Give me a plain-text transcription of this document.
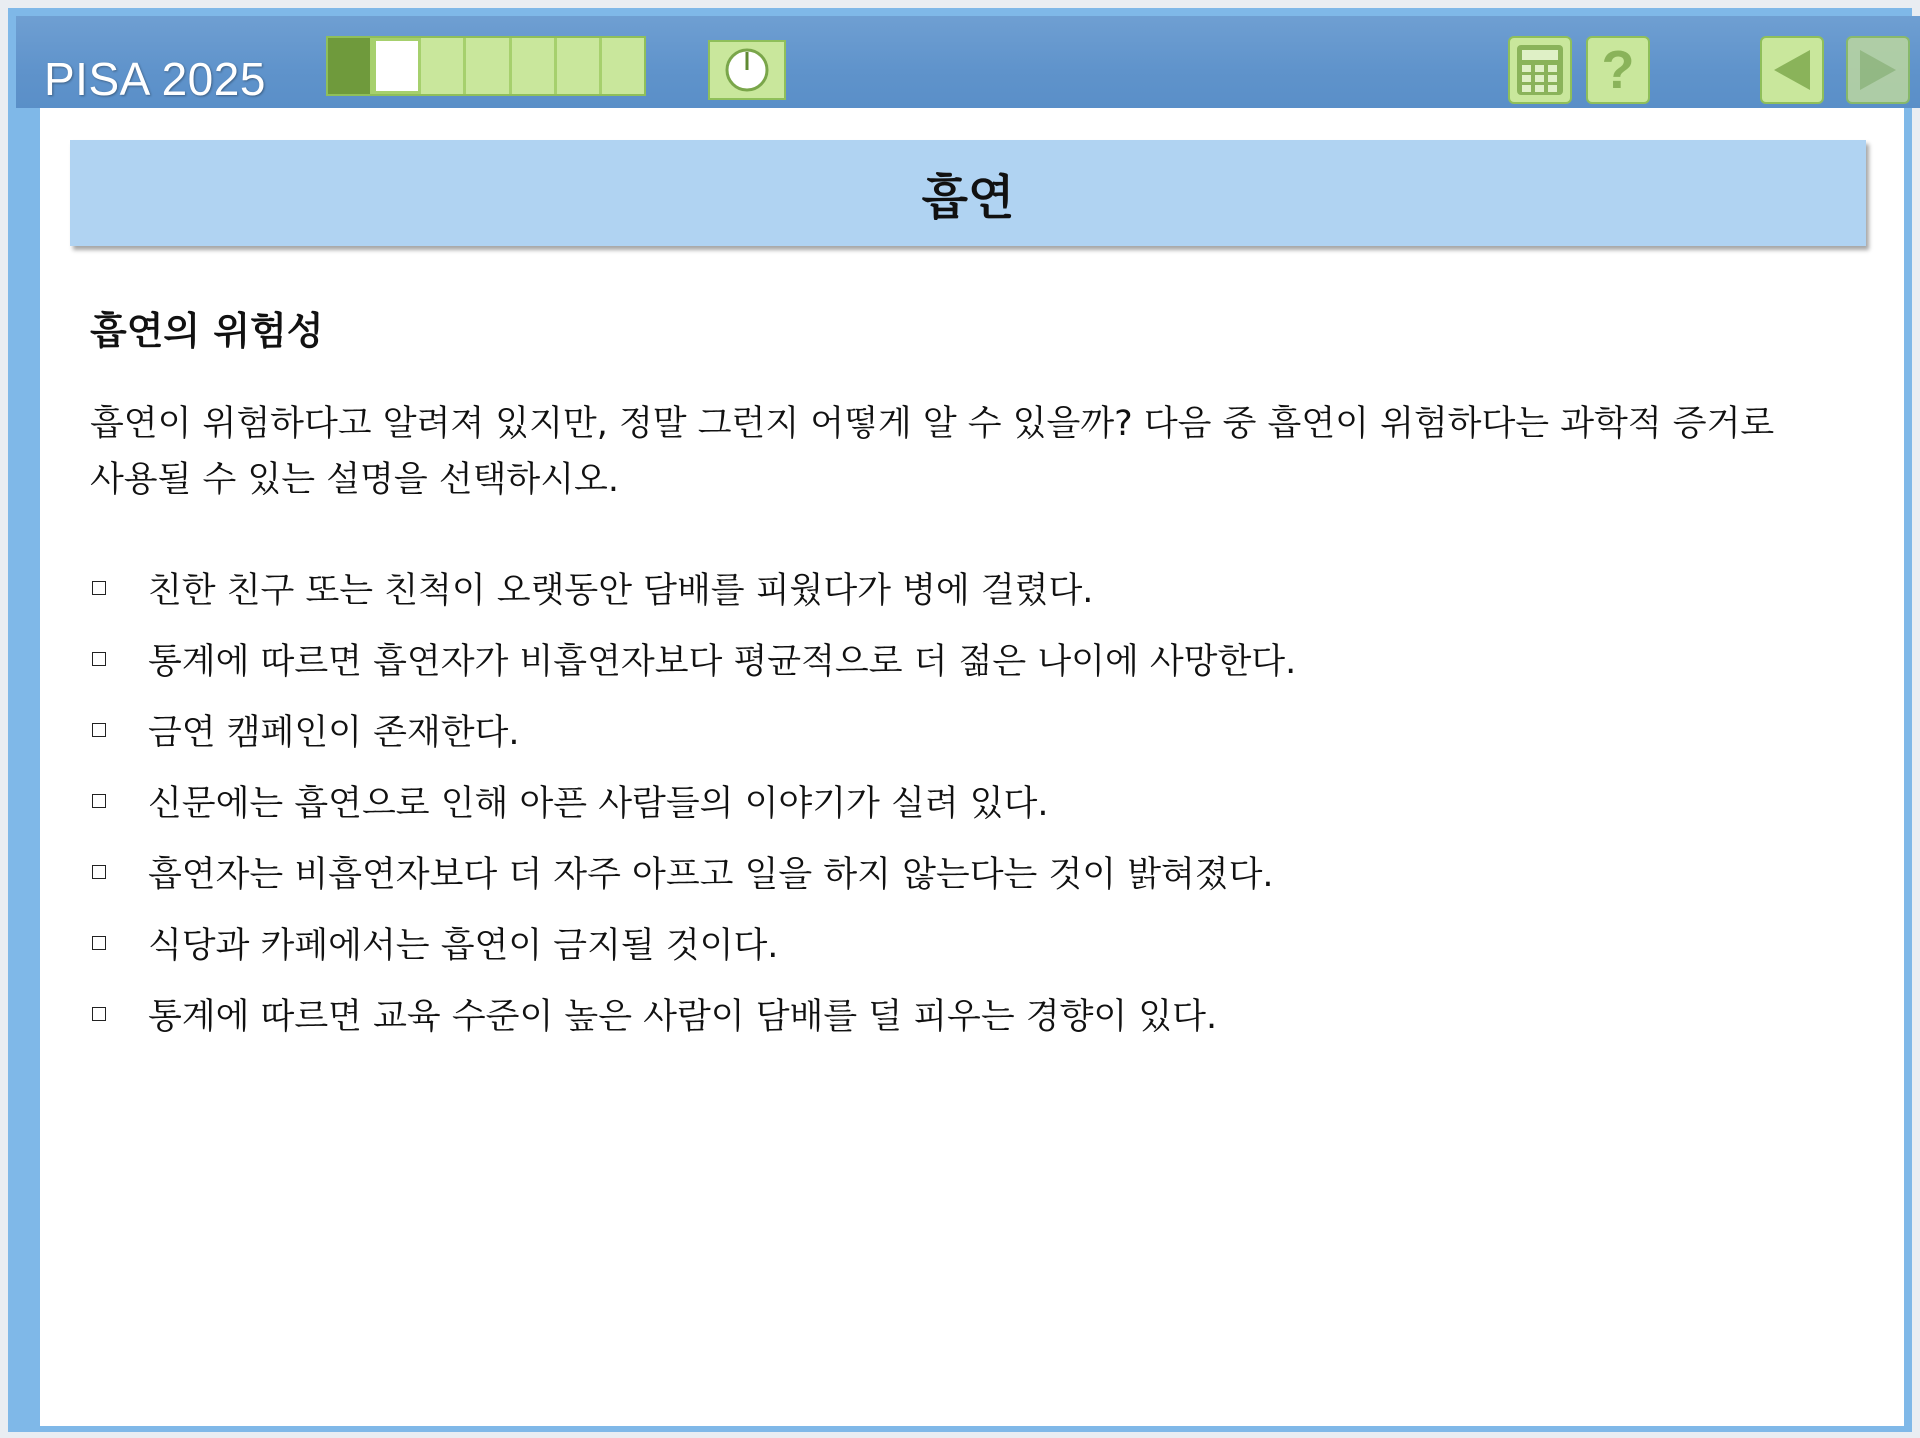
PISA 2025	?
흡연
흡연의 위험성
흡연이 위험하다고 알려져 있지만, 정말 그런지 어떻게 알 수 있을까? 다음 중 흡연이 위험하다는 과학적 증거로
사용될 수 있는 설명을 선택하시오.
친한 친구 또는 친척이 오랫동안 담배를 피웠다가 병에 걸렸다.
통계에 따르면 흡연자가 비흡연자보다 평균적으로 더 젊은 나이에 사망한다.
금연 캠페인이 존재한다.
신문에는 흡연으로 인해 아픈 사람들의 이야기가 실려 있다.
흡연자는 비흡연자보다 더 자주 아프고 일을 하지 않는다는 것이 밝혀졌다.
식당과 카페에서는 흡연이 금지될 것이다.
통계에 따르면 교육 수준이 높은 사람이 담배를 덜 피우는 경향이 있다.
